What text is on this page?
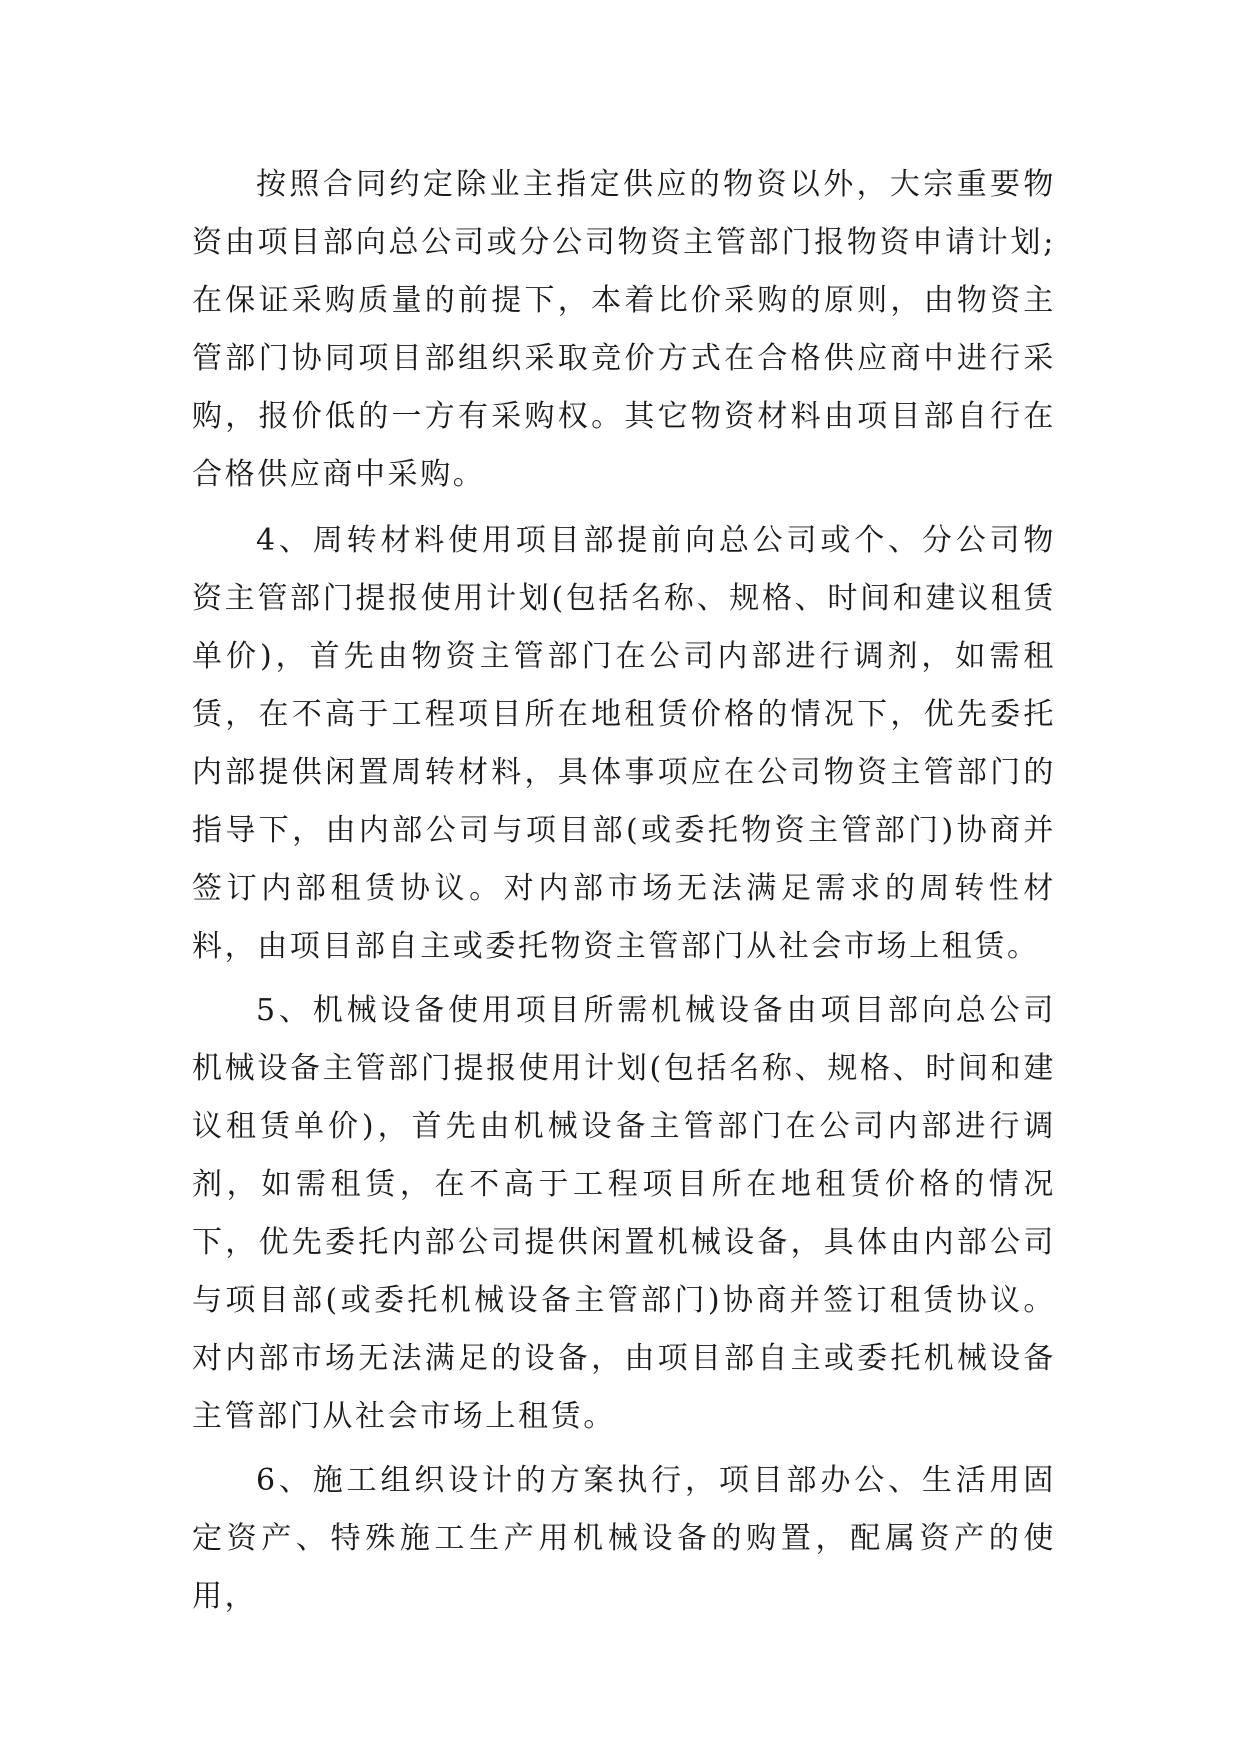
按照合同约定除业主指定供应的物资以外，大宗重要物资由项目部向总公司或分公司物资主管部门报物资申请计划;在保证采购质量的前提下，本着比价采购的原则，由物资主管部门协同项目部组织采取竞价方式在合格供应商中进行采购，报价低的一方有采购权。其它物资材料由项目部自行在合格供应商中采购。

4、周转材料使用项目部提前向总公司或个、分公司物资主管部门提报使用计划(包括名称、规格、时间和建议租赁单价)，首先由物资主管部门在公司内部进行调剂，如需租赁，在不高于工程项目所在地租赁价格的情况下，优先委托内部提供闲置周转材料，具体事项应在公司物资主管部门的指导下，由内部公司与项目部(或委托物资主管部门)协商并签订内部租赁协议。对内部市场无法满足需求的周转性材料，由项目部自主或委托物资主管部门从社会市场上租赁。

5、机械设备使用项目所需机械设备由项目部向总公司机械设备主管部门提报使用计划(包括名称、规格、时间和建议租赁单价)，首先由机械设备主管部门在公司内部进行调剂，如需租赁，在不高于工程项目所在地租赁价格的情况下，优先委托内部公司提供闲置机械设备，具体由内部公司与项目部(或委托机械设备主管部门)协商并签订租赁协议。对内部市场无法满足的设备，由项目部自主或委托机械设备主管部门从社会市场上租赁。

6、施工组织设计的方案执行，项目部办公、生活用固定资产、特殊施工生产用机械设备的购置，配属资产的使用，
